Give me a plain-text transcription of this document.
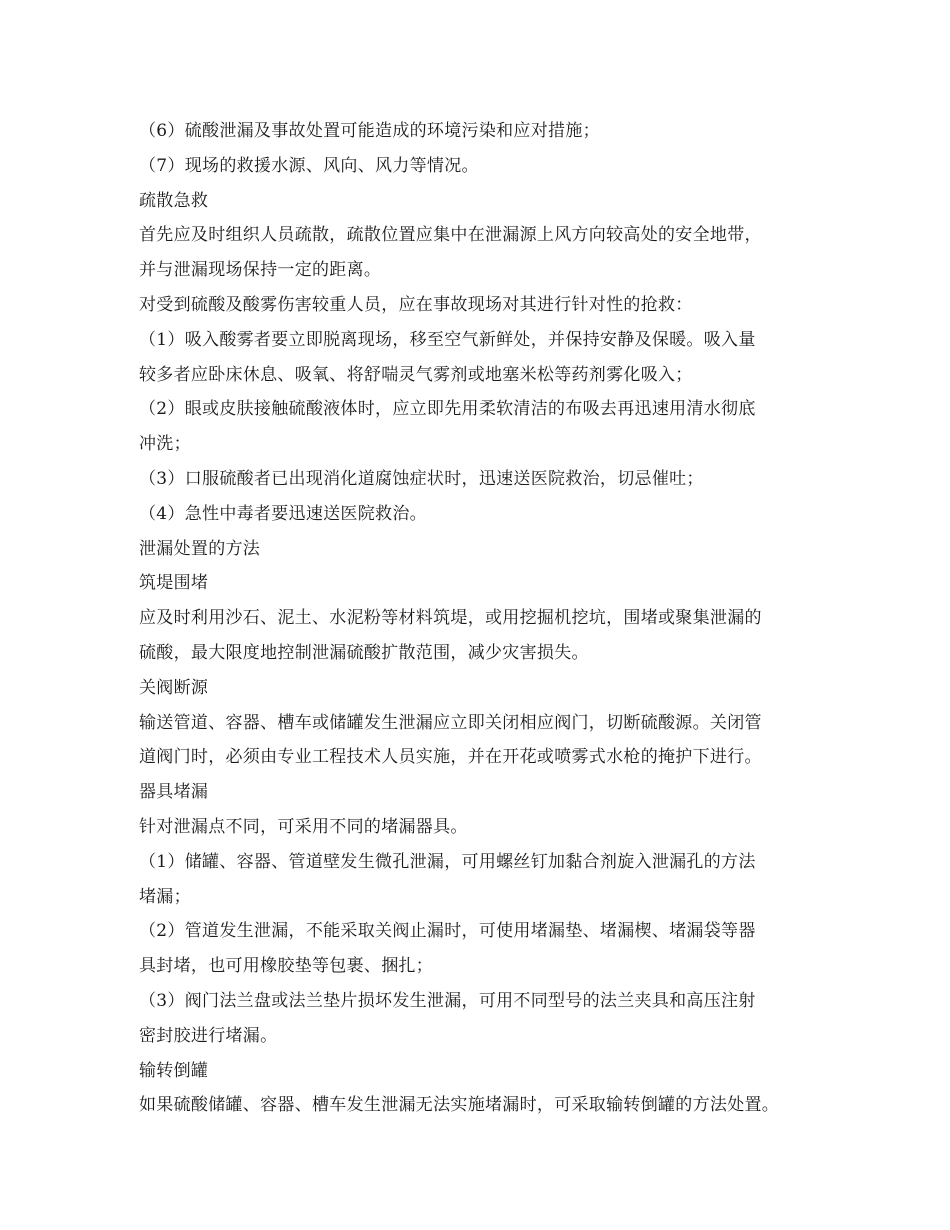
（6）硫酸泄漏及事故处置可能造成的环境污染和应对措施；
（7）现场的救援水源、风向、风力等情况。
疏散急救
首先应及时组织人员疏散，疏散位置应集中在泄漏源上风方向较高处的安全地带，
并与泄漏现场保持一定的距离。
对受到硫酸及酸雾伤害较重人员，应在事故现场对其进行针对性的抢救：
（1）吸入酸雾者要立即脱离现场，移至空气新鲜处，并保持安静及保暖。吸入量
较多者应卧床休息、吸氧、将舒喘灵气雾剂或地塞米松等药剂雾化吸入；
（2）眼或皮肤接触硫酸液体时，应立即先用柔软清洁的布吸去再迅速用清水彻底
冲洗；
（3）口服硫酸者已出现消化道腐蚀症状时，迅速送医院救治，切忌催吐；
（4）急性中毒者要迅速送医院救治。
泄漏处置的方法
筑堤围堵
应及时利用沙石、泥土、水泥粉等材料筑堤，或用挖掘机挖坑，围堵或聚集泄漏的
硫酸，最大限度地控制泄漏硫酸扩散范围，减少灾害损失。
关阀断源
输送管道、容器、槽车或储罐发生泄漏应立即关闭相应阀门，切断硫酸源。关闭管
道阀门时，必须由专业工程技术人员实施，并在开花或喷雾式水枪的掩护下进行。
器具堵漏
针对泄漏点不同，可采用不同的堵漏器具。
（1）储罐、容器、管道壁发生微孔泄漏，可用螺丝钉加黏合剂旋入泄漏孔的方法
堵漏；
（2）管道发生泄漏，不能采取关阀止漏时，可使用堵漏垫、堵漏楔、堵漏袋等器
具封堵，也可用橡胶垫等包裹、捆扎；
（3）阀门法兰盘或法兰垫片损坏发生泄漏，可用不同型号的法兰夹具和高压注射
密封胶进行堵漏。
输转倒罐
如果硫酸储罐、容器、槽车发生泄漏无法实施堵漏时，可采取输转倒罐的方法处置。
